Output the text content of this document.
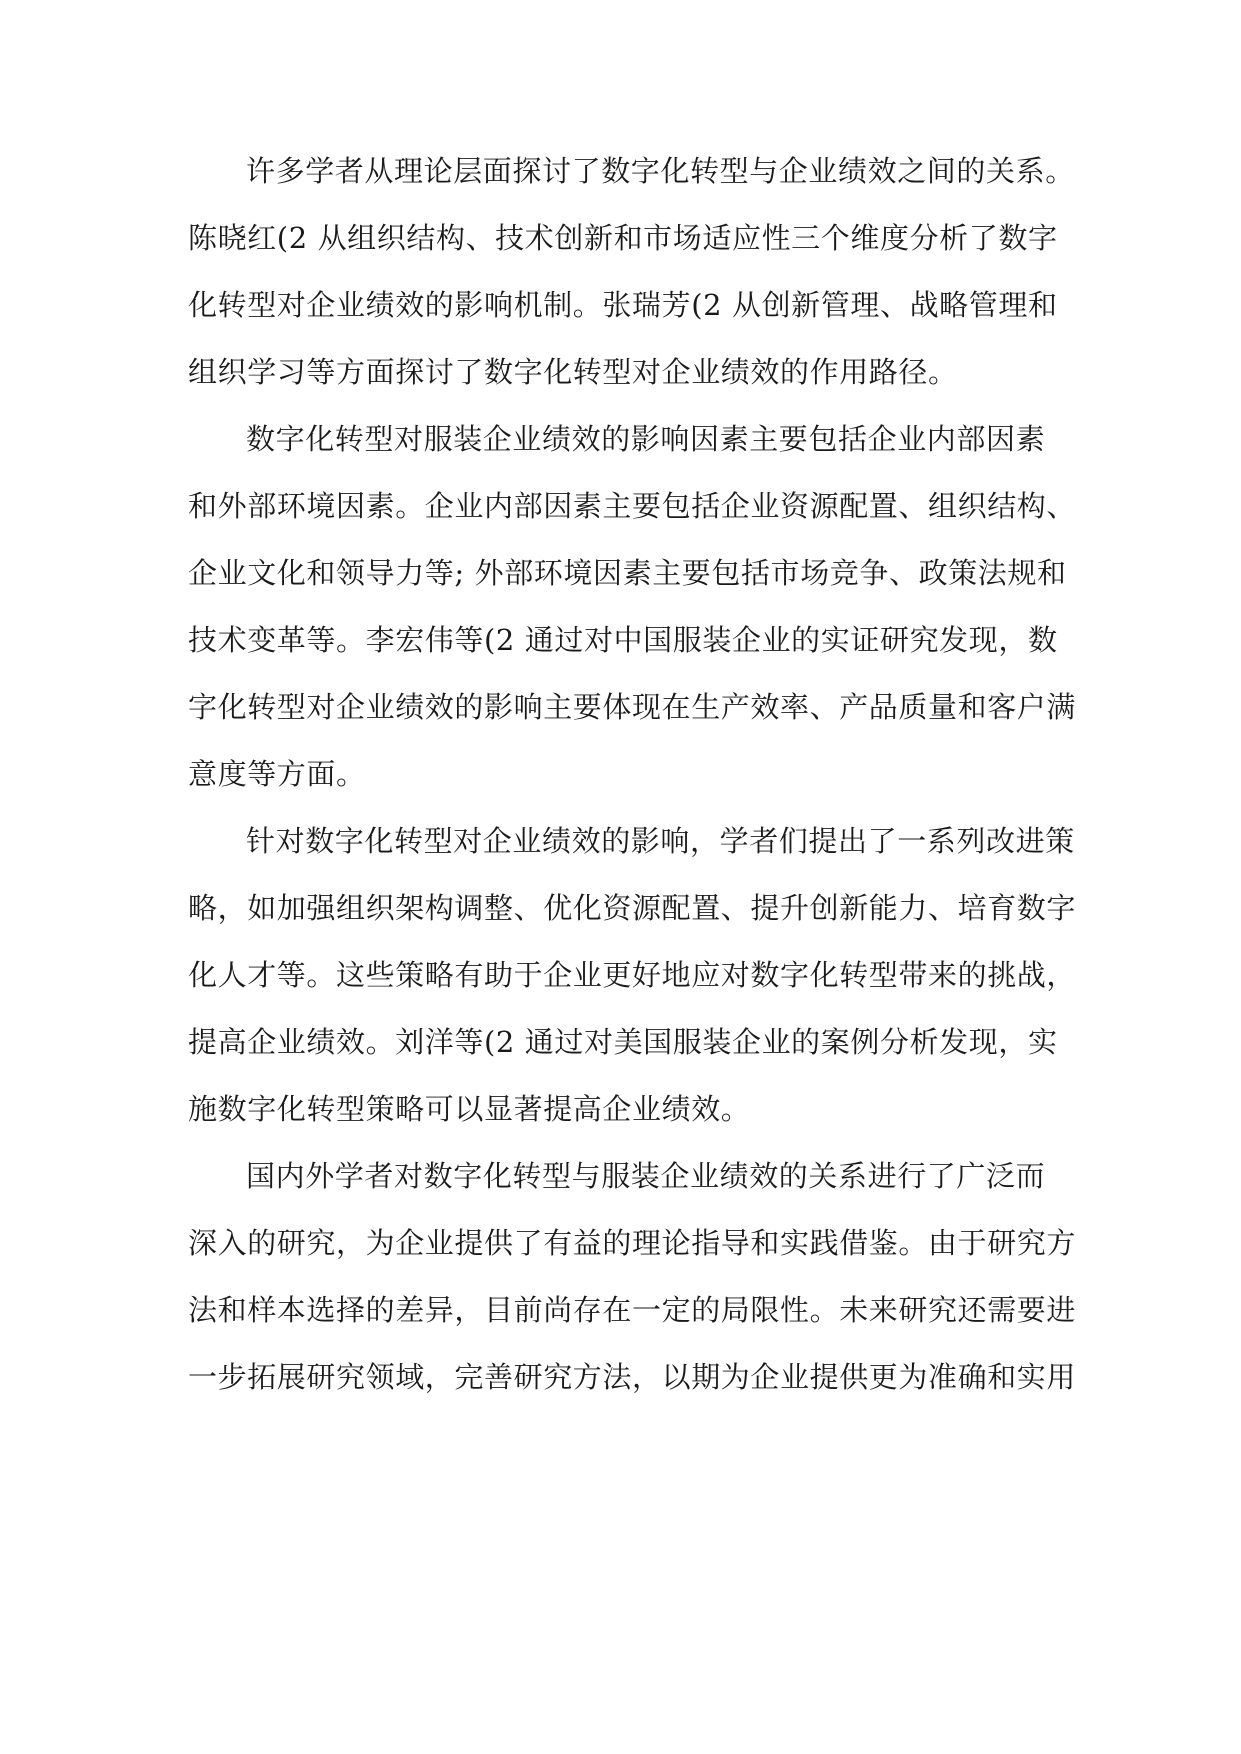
许多学者从理论层面探讨了数字化转型与企业绩效之间的关系。
陈晓红(2 从组织结构、技术创新和市场适应性三个维度分析了数字
化转型对企业绩效的影响机制。张瑞芳(2 从创新管理、战略管理和
组织学习等方面探讨了数字化转型对企业绩效的作用路径。
数字化转型对服装企业绩效的影响因素主要包括企业内部因素
和外部环境因素。企业内部因素主要包括企业资源配置、组织结构、
企业文化和领导力等; 外部环境因素主要包括市场竞争、政策法规和
技术变革等。李宏伟等(2 通过对中国服装企业的实证研究发现，数
字化转型对企业绩效的影响主要体现在生产效率、产品质量和客户满
意度等方面。
针对数字化转型对企业绩效的影响，学者们提出了一系列改进策
略，如加强组织架构调整、优化资源配置、提升创新能力、培育数字
化人才等。这些策略有助于企业更好地应对数字化转型带来的挑战，
提高企业绩效。刘洋等(2 通过对美国服装企业的案例分析发现，实
施数字化转型策略可以显著提高企业绩效。
国内外学者对数字化转型与服装企业绩效的关系进行了广泛而
深入的研究，为企业提供了有益的理论指导和实践借鉴。由于研究方
法和样本选择的差异，目前尚存在一定的局限性。未来研究还需要进
一步拓展研究领域，完善研究方法，以期为企业提供更为准确和实用
